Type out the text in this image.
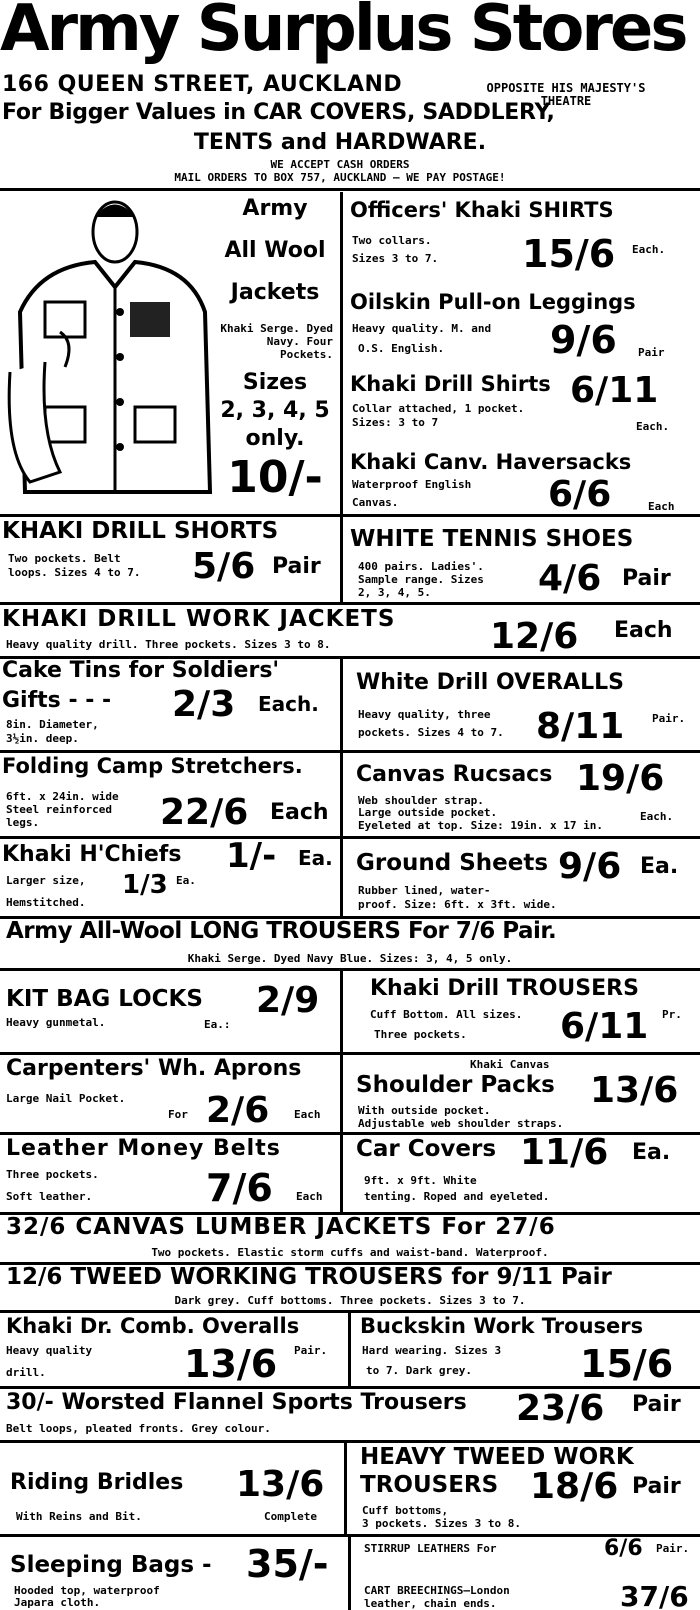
Army Surplus Stores
166 QUEEN STREET, AUCKLAND	OPPOSITE HIS MAJESTY'S THEATRE
For Bigger Values in CAR COVERS, SADDLERY,
TENTS and HARDWARE.
WE ACCEPT CASH ORDERS
MAIL ORDERS TO BOX 757, AUCKLAND — WE PAY POSTAGE!
Army
All Wool
Jackets
Khaki Serge. Dyed Navy. Four Pockets.
Sizes
2, 3, 4, 5
only.
10/-
Officers' Khaki SHIRTS
Two collars.
Sizes 3 to 7. 15/6 Each.
Oilskin Pull-on Leggings
Heavy quality. M. and
O.S. English.	9/6 Pair
Khaki Drill Shirts 6/11
Collar attached, 1 pocket.
Sizes: 3 to 7	Each.
Khaki Canv. Haversacks
Waterproof English
Canvas.	6/6	Each
KHAKI DRILL SHORTS
Two pockets. Belt
loops. Sizes 4 to 7. 5/6 Pair
WHITE TENNIS SHOES
400 pairs. Ladies'.
Sample range. Sizes
2, 3, 4, 5.	4/6 Pair
KHAKI DRILL WORK JACKETS
Heavy quality drill. Three pockets. Sizes 3 to 8.	12/6 Each
Cake Tins for Soldiers'
Gifts - - - 2/3 Each.
8in. Diameter,
3½in. deep.
White Drill OVERALLS
Heavy quality, three
pockets. Sizes 4 to 7. 8/11	Pair.
Folding Camp Stretchers.
6ft. x 24in. wide
Steel reinforced
legs.	22/6 Each
Canvas Rucsacs 19/6
Web shoulder strap.
Large outside pocket.	Each.
Eyeleted at top. Size: 19in. x 17 in.
Khaki H'Chiefs 1/- Ea.
Larger size, 1/3 Ea.
Hemstitched.
Ground Sheets 9/6 Ea.
Rubber lined, water-
proof. Size: 6ft. x 3ft. wide.
Army All-Wool LONG TROUSERS For 7/6 Pair.
Khaki Serge. Dyed Navy Blue. Sizes: 3, 4, 5 only.
KIT BAG LOCKS 2/9
Heavy gunmetal.	Ea.:
Khaki Drill TROUSERS
Cuff Bottom. All sizes.
Three pockets.	6/11 Pr.
Carpenters' Wh. Aprons
Large Nail Pocket.
For 2/6 Each
Khaki Canvas
Shoulder Packs 13/6
With outside pocket.
Adjustable web shoulder straps.
Leather Money Belts
Three pockets.
Soft leather.	7/6 Each
Car Covers 11/6 Ea.
9ft. x 9ft. White
tenting. Roped and eyeleted.
32/6 CANVAS LUMBER JACKETS For 27/6
Two pockets. Elastic storm cuffs and waist-band. Waterproof.
12/6 TWEED WORKING TROUSERS for 9/11 Pair
Dark grey. Cuff bottoms. Three pockets. Sizes 3 to 7.
Khaki Dr. Comb. Overalls
Heavy quality
drill.	13/6 Pair.
Buckskin Work Trousers
Hard wearing. Sizes 3
to 7. Dark grey.	15/6
30/- Worsted Flannel Sports Trousers 23/6 Pair
Belt loops, pleated fronts. Grey colour.
Riding Bridles 13/6
With Reins and Bit.	Complete
HEAVY TWEED WORK
TROUSERS 18/6 Pair
Cuff bottoms,
3 pockets. Sizes 3 to 8.
Sleeping Bags - 35/-
Hooded top, waterproof
Japara cloth.
STIRRUP LEATHERS For	6/6 Pair.
CART BREECHINGS—London
leather, chain ends.	37/6
